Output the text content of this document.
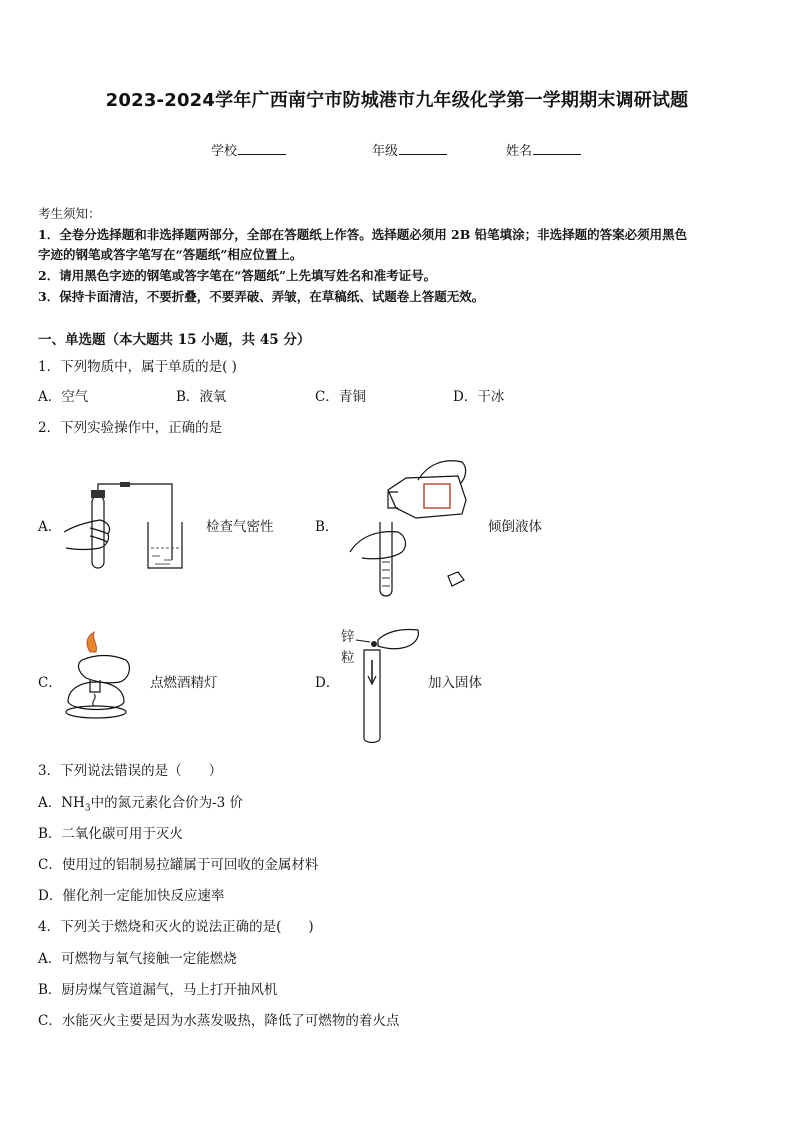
2023-2024学年广西南宁市防城港市九年级化学第一学期期末调研试题
学校	年级	姓名
考生须知：
1．全卷分选择题和非选择题两部分，全部在答题纸上作答。选择题必须用 2B 铅笔填涂；非选择题的答案必须用黑色
字迹的钢笔或答字笔写在“答题纸”相应位置上。
2．请用黑色字迹的钢笔或答字笔在“答题纸”上先填写姓名和准考证号。
3．保持卡面清洁，不要折叠，不要弄破、弄皱，在草稿纸、试题卷上答题无效。
一、单选题（本大题共 15 小题，共 45 分）
1．下列物质中，属于单质的是( )
A．空气	B．液氧	C．青铜	D．干冰
2．下列实验操作中，正确的是
A．	检查气密性	B．	倾倒液体
C．	点燃酒精灯	D．
锌
粒
加入固体
3．下列说法错误的是（　　）
A．$NH_3$中的氮元素化合价为-3 价
B．二氧化碳可用于灭火
C．使用过的铝制易拉罐属于可回收的金属材料
D．催化剂一定能加快反应速率
4．下列关于燃烧和灭火的说法正确的是(　　)
A．可燃物与氧气接触一定能燃烧
B．厨房煤气管道漏气，马上打开抽风机
C．水能灭火主要是因为水蒸发吸热，降低了可燃物的着火点
